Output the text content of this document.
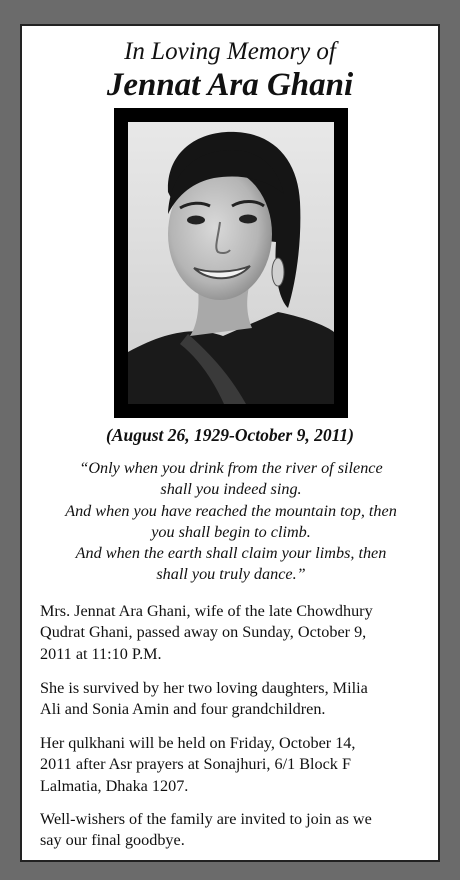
In Loving Memory of
Jennat Ara Ghani
(August 26, 1929-October 9, 2011)
“Only when you drink from the river of silence
shall you indeed sing.
And when you have reached the mountain top, then
you shall begin to climb.
And when the earth shall claim your limbs, then
shall you truly dance.”
Mrs. Jennat Ara Ghani, wife of the late Chowdhury
Qudrat Ghani, passed away on Sunday, October 9,
2011 at 11:10 P.M.
She is survived by her two loving daughters, Milia
Ali and Sonia Amin and four grandchildren.
Her qulkhani will be held on Friday, October 14,
2011 after Asr prayers at Sonajhuri, 6/1 Block F
Lalmatia, Dhaka 1207.
Well-wishers of the family are invited to join as we
say our final goodbye.
